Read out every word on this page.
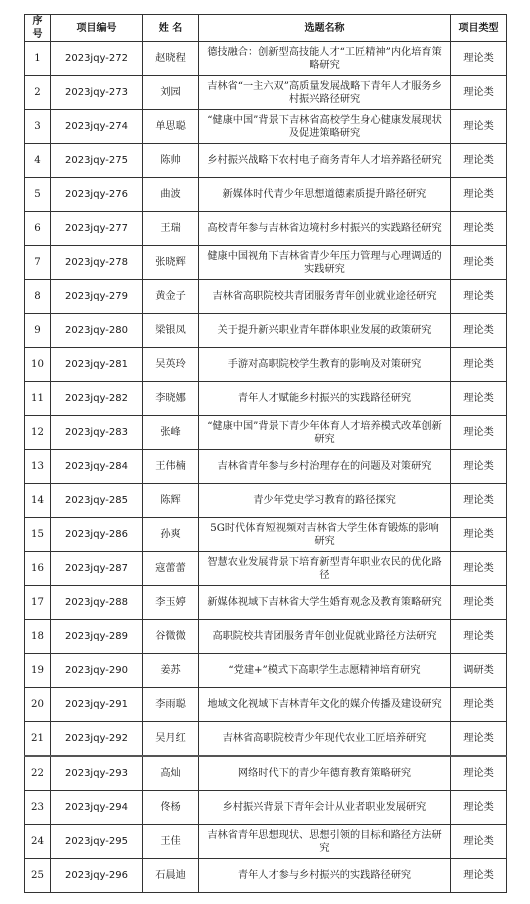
序号	项目编号	姓 名	选题名称	项目类型
1	2023jqy-272	赵晓程	德技融合：创新型高技能人才“工匠精神”内化培育策略研究	理论类
2	2023jqy-273	刘园	吉林省“一主六双”高质量发展战略下青年人才服务乡村振兴路径研究	理论类
3	2023jqy-274	单思聪	“健康中国”背景下吉林省高校学生身心健康发展现状及促进策略研究	理论类
4	2023jqy-275	陈帅	乡村振兴战略下农村电子商务青年人才培养路径研究	理论类
5	2023jqy-276	曲波	新媒体时代青少年思想道德素质提升路径研究	理论类
6	2023jqy-277	王瑞	高校青年参与吉林省边境村乡村振兴的实践路径研究	理论类
7	2023jqy-278	张晓辉	健康中国视角下吉林省青少年压力管理与心理调适的实践研究	理论类
8	2023jqy-279	黄金子	吉林省高职院校共青团服务青年创业就业途径研究	理论类
9	2023jqy-280	梁银凤	关于提升新兴职业青年群体职业发展的政策研究	理论类
10	2023jqy-281	吴英玲	手游对高职院校学生教育的影响及对策研究	理论类
11	2023jqy-282	李晓娜	青年人才赋能乡村振兴的实践路径研究	理论类
12	2023jqy-283	张峰	“健康中国”背景下青少年体育人才培养模式改革创新研究	理论类
13	2023jqy-284	王伟楠	吉林省青年参与乡村治理存在的问题及对策研究	理论类
14	2023jqy-285	陈辉	青少年党史学习教育的路径探究	理论类
15	2023jqy-286	孙爽	5G时代体育短视频对吉林省大学生体育锻炼的影响研究	理论类
16	2023jqy-287	寇蕾蕾	智慧农业发展背景下培育新型青年职业农民的优化路径	理论类
17	2023jqy-288	李玉婷	新媒体视域下吉林省大学生婚育观念及教育策略研究	理论类
18	2023jqy-289	谷微微	高职院校共青团服务青年创业促就业路径方法研究	理论类
19	2023jqy-290	姜苏	“党建+”模式下高职学生志愿精神培育研究	调研类
20	2023jqy-291	李雨聪	地域文化视域下吉林青年文化的媒介传播及建设研究	理论类
21	2023jqy-292	吴月红	吉林省高职院校青少年现代农业工匠培养研究	理论类
22	2023jqy-293	高灿	网络时代下的青少年德育教育策略研究	理论类
23	2023jqy-294	佟杨	乡村振兴背景下青年会计从业者职业发展研究	理论类
24	2023jqy-295	王佳	吉林省青年思想现状、思想引领的目标和路径方法研究	理论类
25	2023jqy-296	石晨迪	青年人才参与乡村振兴的实践路径研究	理论类
